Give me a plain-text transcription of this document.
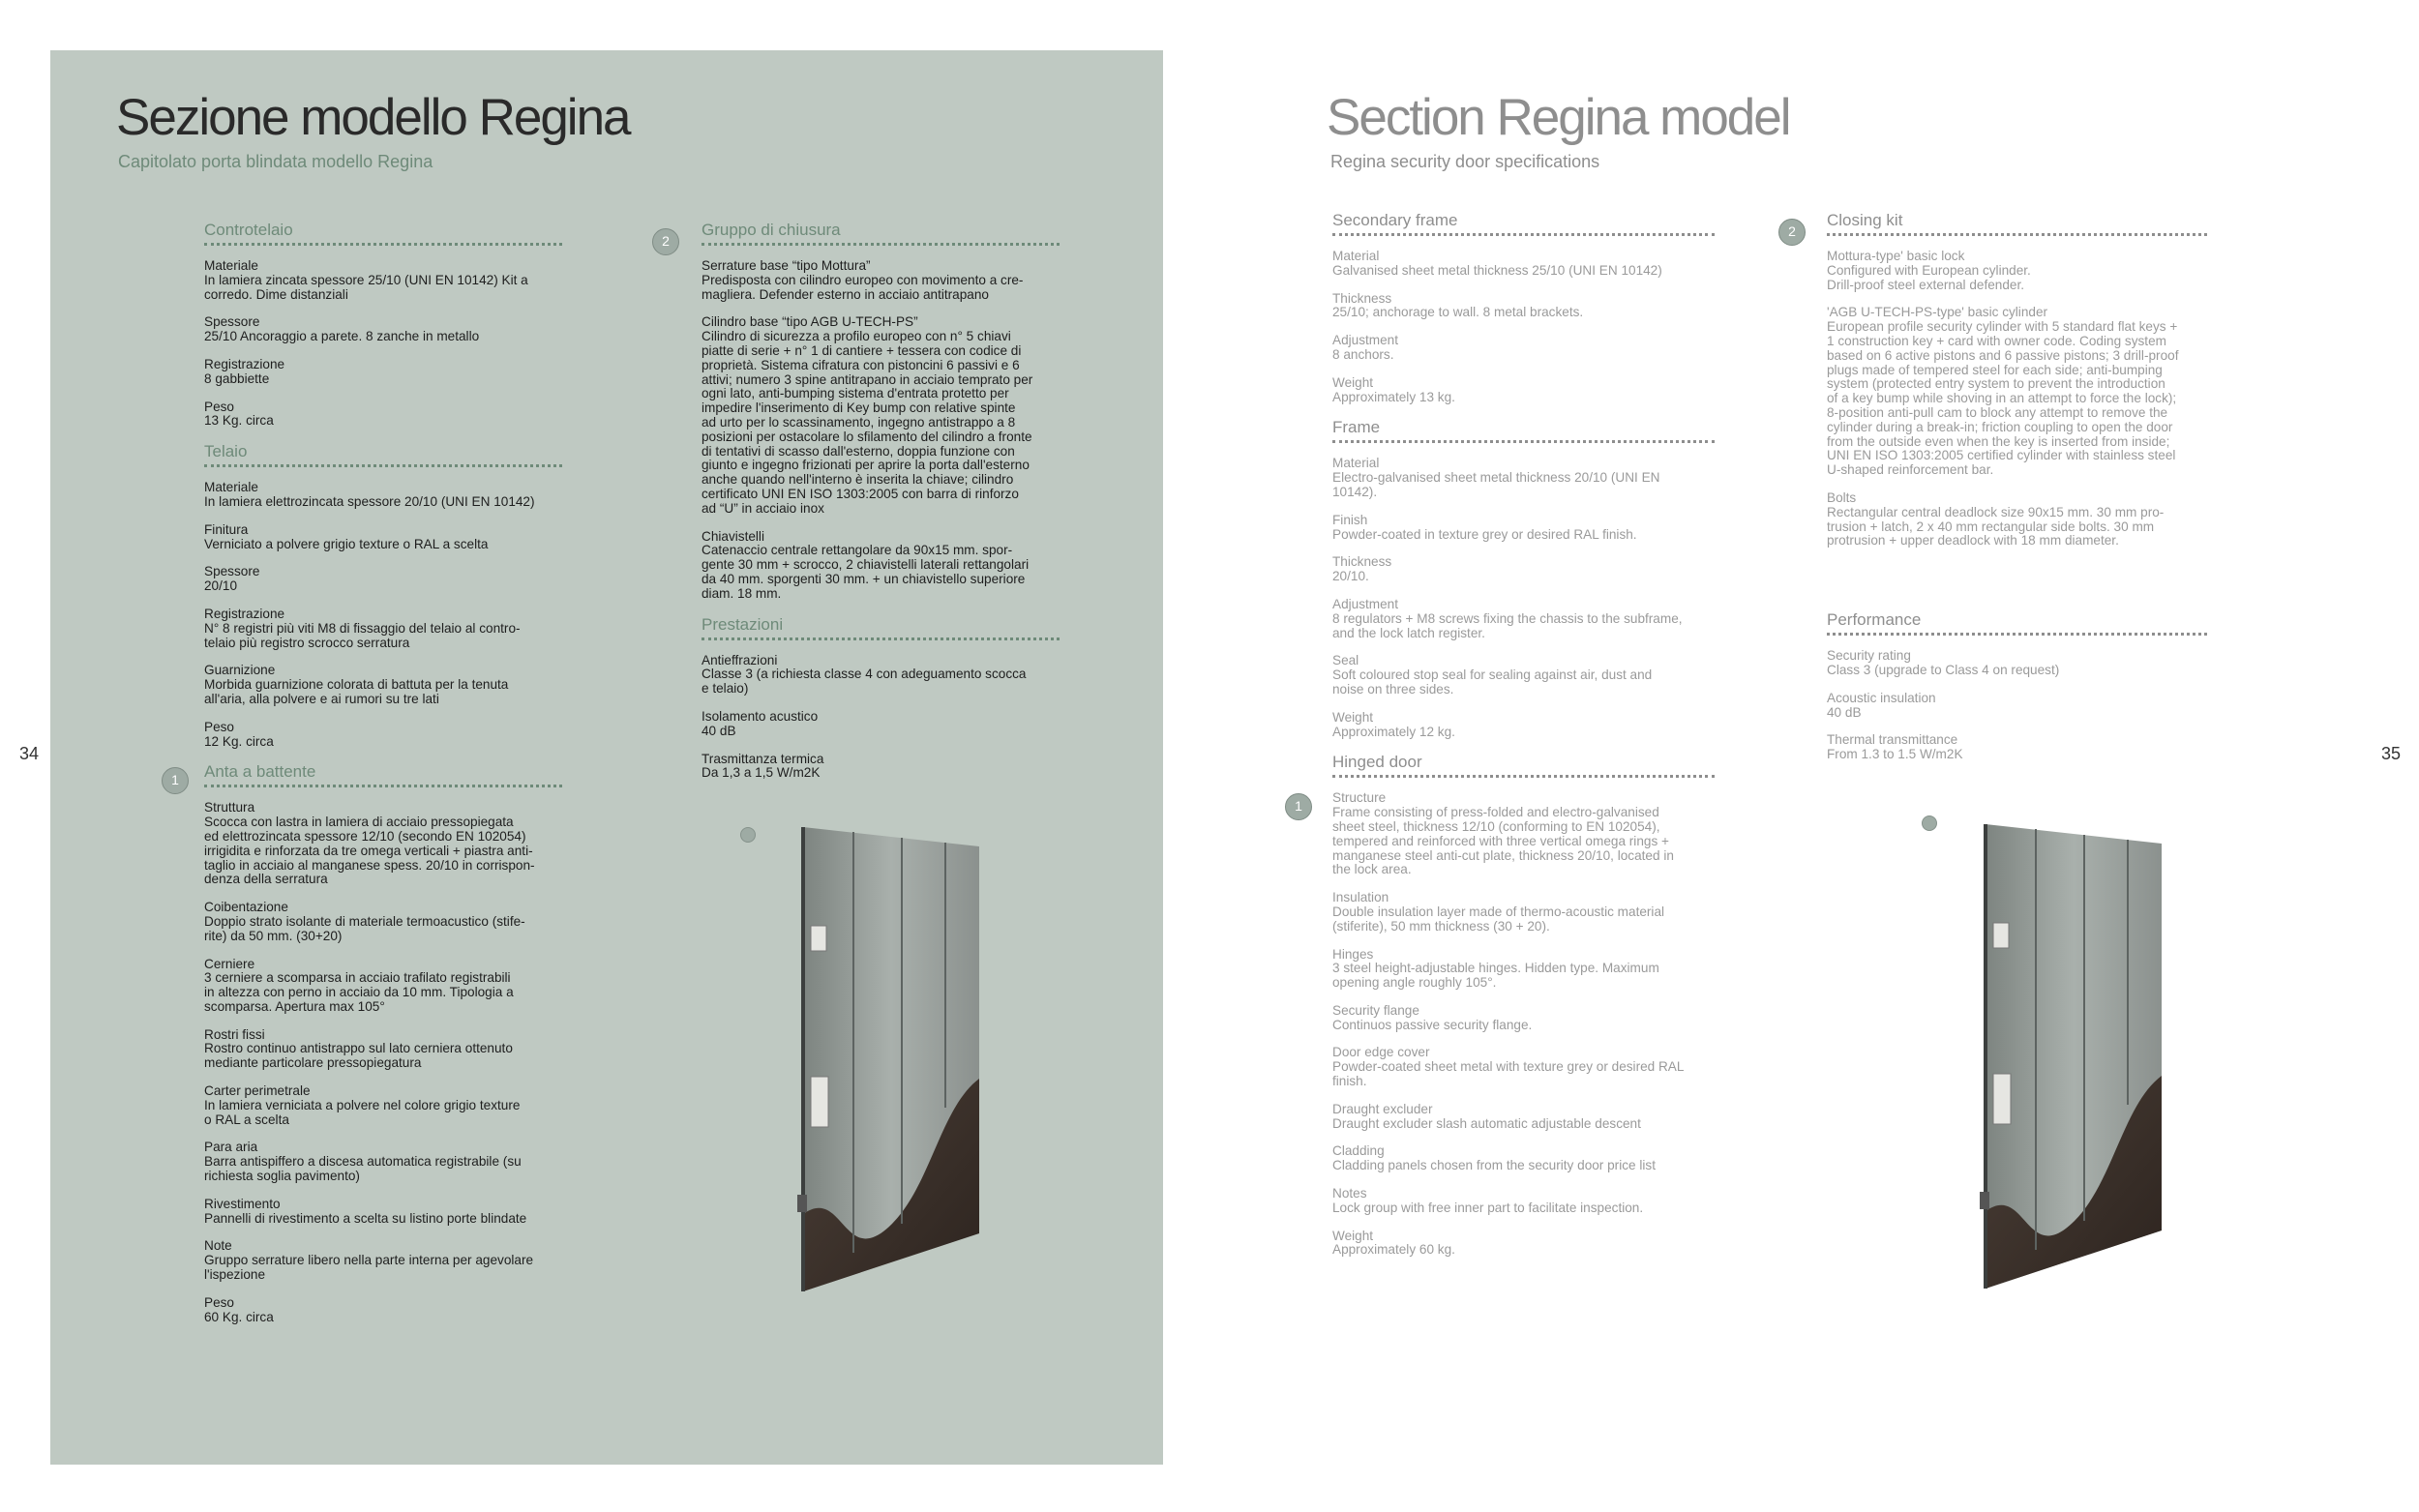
34	35
Sezione modello Regina
Capitolato porta blindata modello Regina
Section Regina model
Regina security door specifications
Controtelaio
Materiale
In lamiera zincata spessore 25/10 (UNI EN 10142) Kit a
corredo. Dime distanziali
Spessore
25/10 Ancoraggio a parete. 8 zanche in metallo
Registrazione
8 gabbiette
Peso
13 Kg. circa
Telaio
Materiale
In lamiera elettrozincata spessore 20/10 (UNI EN 10142)
Finitura
Verniciato a polvere grigio texture o RAL a scelta
Spessore
20/10
Registrazione
N° 8 registri più viti M8 di fissaggio del telaio al contro-
telaio più registro scrocco serratura
Guarnizione
Morbida guarnizione colorata di battuta per la tenuta
all'aria, alla polvere e ai rumori su tre lati
Peso
12 Kg. circa
Anta a battente
Struttura
Scocca con lastra in lamiera di acciaio pressopiegata
ed elettrozincata spessore 12/10 (secondo EN 102054)
irrigidita e rinforzata da tre omega verticali + piastra anti-
taglio in acciaio al manganese spess. 20/10 in corrispon-
denza della serratura
Coibentazione
Doppio strato isolante di materiale termoacustico (stife-
rite) da 50 mm. (30+20)
Cerniere
3 cerniere a scomparsa in acciaio trafilato registrabili
in altezza con perno in acciaio da 10 mm. Tipologia a
scomparsa. Apertura max 105°
Rostri fissi
Rostro continuo antistrappo sul lato cerniera ottenuto
mediante particolare pressopiegatura
Carter perimetrale
In lamiera verniciata a polvere nel colore grigio texture
o RAL a scelta
Para aria
Barra antispiffero a discesa automatica registrabile (su
richiesta soglia pavimento)
Rivestimento
Pannelli di rivestimento a scelta su listino porte blindate
Note
Gruppo serrature libero nella parte interna per agevolare
l'ispezione
Peso
60 Kg. circa
1
Gruppo di chiusura
Serrature base “tipo Mottura”
Predisposta con cilindro europeo con movimento a cre-
magliera. Defender esterno in acciaio antitrapano
Cilindro base “tipo AGB U-TECH-PS”
Cilindro di sicurezza a profilo europeo con n° 5 chiavi
piatte di serie + n° 1 di cantiere + tessera con codice di
proprietà. Sistema cifratura con pistoncini 6 passivi e 6
attivi; numero 3 spine antitrapano in acciaio temprato per
ogni lato, anti-bumping sistema d'entrata protetto per
impedire l'inserimento di Key bump con relative spinte
ad urto per lo scassinamento, ingegno antistrappo a 8
posizioni per ostacolare lo sfilamento del cilindro a fronte
di tentativi di scasso dall'esterno, doppia funzione con
giunto e ingegno frizionati per aprire la porta dall'esterno
anche quando nell'interno è inserita la chiave; cilindro
certificato UNI EN ISO 1303:2005 con barra di rinforzo
ad “U” in acciaio inox
Chiavistelli
Catenaccio centrale rettangolare da 90x15 mm. spor-
gente 30 mm + scrocco, 2 chiavistelli laterali rettangolari
da 40 mm. sporgenti 30 mm. + un chiavistello superiore
diam. 18 mm.
Prestazioni
Antieffrazioni
Classe 3 (a richiesta classe 4 con adeguamento scocca
e telaio)
Isolamento acustico
40 dB
Trasmittanza termica
Da 1,3 a 1,5 W/m2K
2
Secondary frame
Material
Galvanised sheet metal thickness 25/10 (UNI EN 10142)
Thickness
25/10; anchorage to wall. 8 metal brackets.
Adjustment
8 anchors.
Weight
Approximately 13 kg.
Frame
Material
Electro-galvanised sheet metal thickness 20/10 (UNI EN
10142).
Finish
Powder-coated in texture grey or desired RAL finish.
Thickness
20/10.
Adjustment
8 regulators + M8 screws fixing the chassis to the subframe,
and the lock latch register.
Seal
Soft coloured stop seal for sealing against air, dust and
noise on three sides.
Weight
Approximately 12 kg.
Hinged door
Structure
Frame consisting of press-folded and electro-galvanised
sheet steel, thickness 12/10 (conforming to EN 102054),
tempered and reinforced with three vertical omega rings +
manganese steel anti-cut plate, thickness 20/10, located in
the lock area.
Insulation
Double insulation layer made of thermo-acoustic material
(stiferite), 50 mm thickness (30 + 20).
Hinges
3 steel height-adjustable hinges. Hidden type. Maximum
opening angle roughly 105°.
Security flange
Continuos passive security flange.
Door edge cover
Powder-coated sheet metal with texture grey or desired RAL
finish.
Draught excluder
Draught excluder slash automatic adjustable descent
Cladding
Cladding panels chosen from the security door price list
Notes
Lock group with free inner part to facilitate inspection.
Weight
Approximately 60 kg.
1
Closing kit
Mottura-type' basic lock
Configured with European cylinder.
Drill-proof steel external defender.
'AGB U-TECH-PS-type' basic cylinder
European profile security cylinder with 5 standard flat keys +
1 construction key + card with owner code. Coding system
based on 6 active pistons and 6 passive pistons; 3 drill-proof
plugs made of tempered steel for each side; anti-bumping
system (protected entry system to prevent the introduction
of a key bump while shoving in an attempt to force the lock);
8-position anti-pull cam to block any attempt to remove the
cylinder during a break-in; friction coupling to open the door
from the outside even when the key is inserted from inside;
UNI EN ISO 1303:2005 certified cylinder with stainless steel
U-shaped reinforcement bar.
Bolts
Rectangular central deadlock size 90x15 mm. 30 mm pro-
trusion + latch, 2 x 40 mm rectangular side bolts. 30 mm
protrusion + upper deadlock with 18 mm diameter.
Performance
Security rating
Class 3 (upgrade to Class 4 on request)
Acoustic insulation
40 dB
Thermal transmittance
From 1.3 to 1.5 W/m2K
2
